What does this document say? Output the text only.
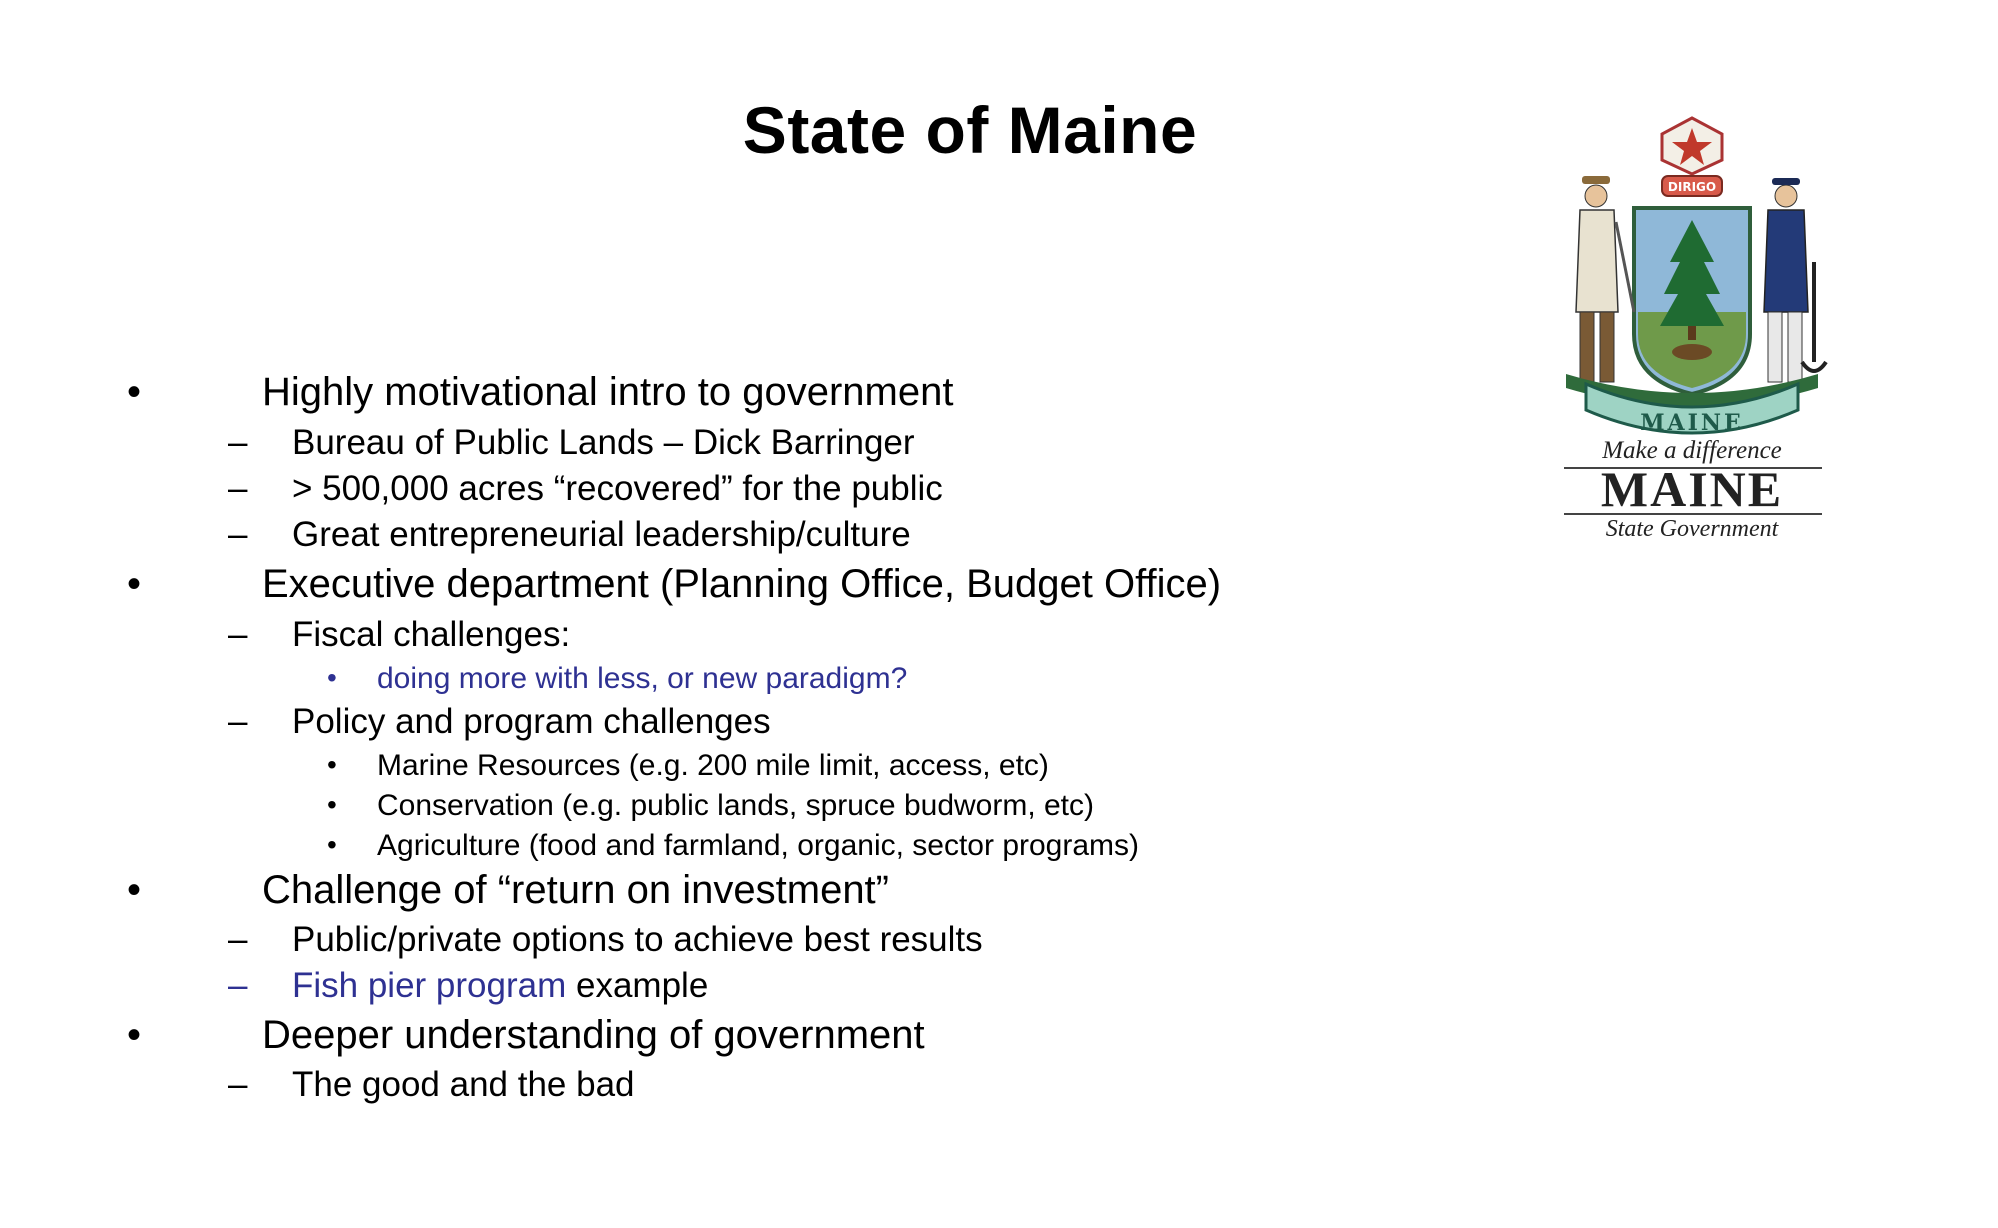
State of Maine
•	Highly motivational intro to government
– Bureau of Public Lands – Dick Barringer
– > 500,000 acres “recovered” for the public
– Great entrepreneurial leadership/culture
•	Executive department (Planning Office, Budget Office)
– Fiscal challenges:
• doing more with less, or new paradigm?
– Policy and program challenges
• Marine Resources (e.g. 200 mile limit, access, etc)
• Conservation (e.g. public lands, spruce budworm, etc)
• Agriculture (food and farmland, organic, sector programs)
•	Challenge of “return on investment”
– Public/private options to achieve best results
– Fish pier program example
•	Deeper understanding of government
– The good and the bad
DIRIGO
MAINE
Make a difference
MAINE
State Government
